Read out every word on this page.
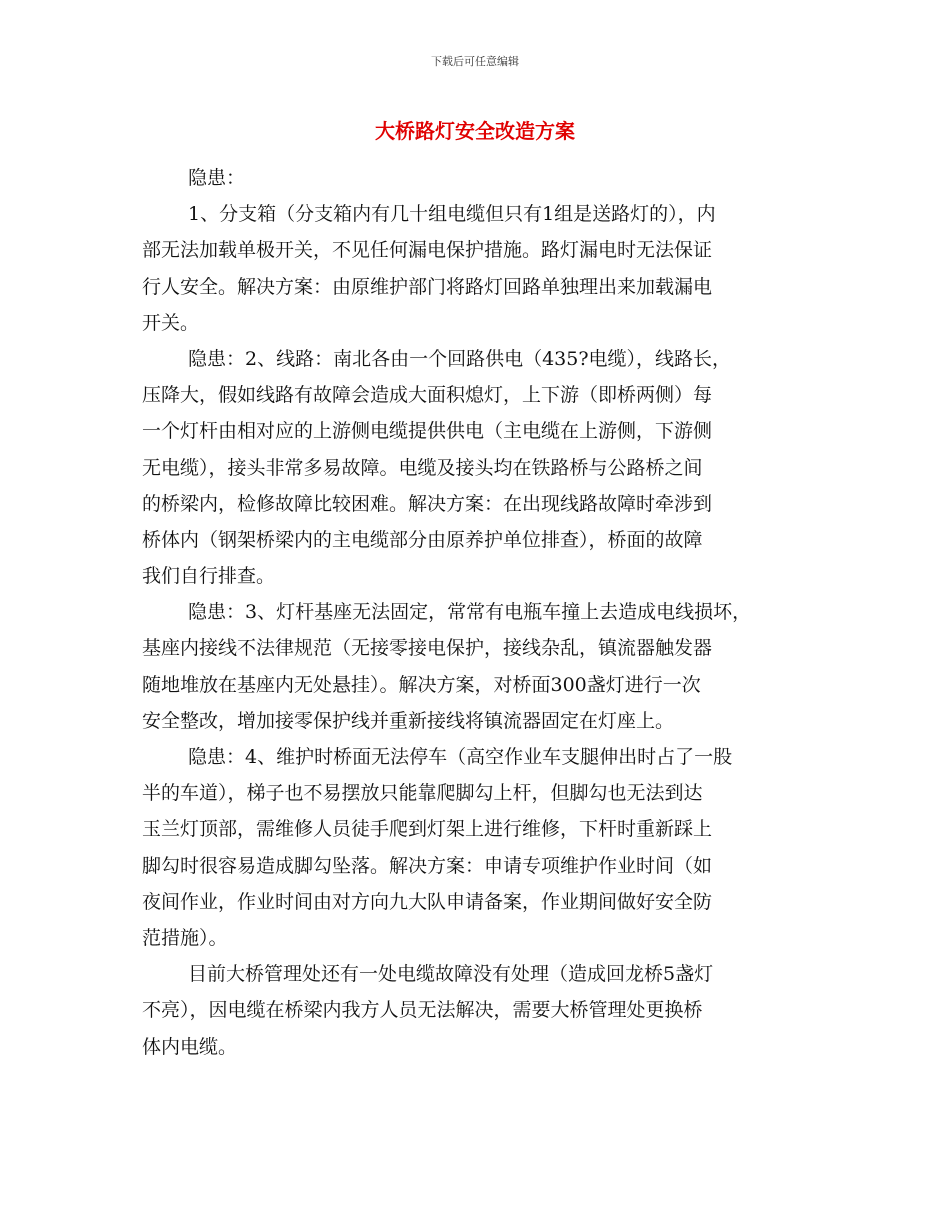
下载后可任意编辑
大桥路灯安全改造方案
隐患：
1、分支箱（分支箱内有几十组电缆但只有1组是送路灯的），内
部无法加载单极开关，不见任何漏电保护措施。路灯漏电时无法保证
行人安全。解决方案：由原维护部门将路灯回路单独理出来加载漏电
开关。
隐患：2、线路：南北各由一个回路供电（435?电缆），线路长，
压降大，假如线路有故障会造成大面积熄灯，上下游（即桥两侧）每
一个灯杆由相对应的上游侧电缆提供供电（主电缆在上游侧，下游侧
无电缆），接头非常多易故障。电缆及接头均在铁路桥与公路桥之间
的桥梁内，检修故障比较困难。解决方案：在出现线路故障时牵涉到
桥体内（钢架桥梁内的主电缆部分由原养护单位排查），桥面的故障
我们自行排查。
隐患：3、灯杆基座无法固定，常常有电瓶车撞上去造成电线损坏，
基座内接线不法律规范（无接零接电保护，接线杂乱，镇流器触发器
随地堆放在基座内无处悬挂）。解决方案，对桥面300盏灯进行一次
安全整改，增加接零保护线并重新接线将镇流器固定在灯座上。
隐患：4、维护时桥面无法停车（高空作业车支腿伸出时占了一股
半的车道），梯子也不易摆放只能靠爬脚勾上杆，但脚勾也无法到达
玉兰灯顶部，需维修人员徒手爬到灯架上进行维修，下杆时重新踩上
脚勾时很容易造成脚勾坠落。解决方案：申请专项维护作业时间（如
夜间作业，作业时间由对方向九大队申请备案，作业期间做好安全防
范措施）。
目前大桥管理处还有一处电缆故障没有处理（造成回龙桥5盏灯
不亮），因电缆在桥梁内我方人员无法解决，需要大桥管理处更换桥
体内电缆。
